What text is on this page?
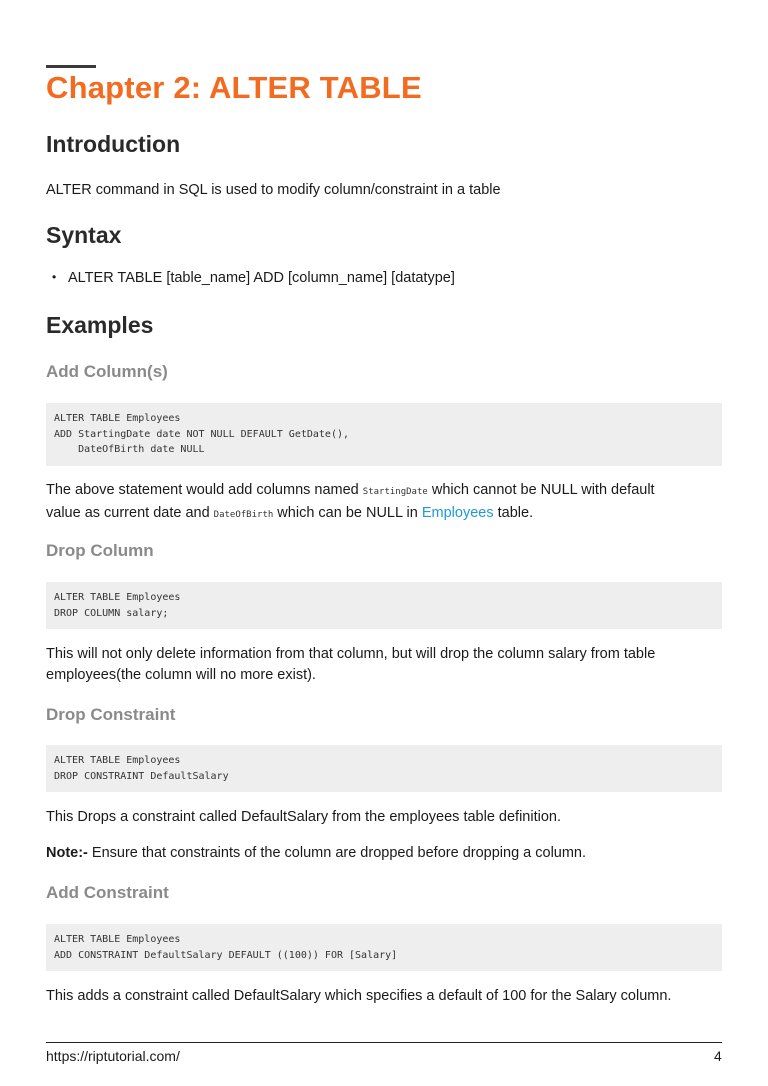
Chapter 2: ALTER TABLE
Introduction

ALTER command in SQL is used to modify column/constraint in a table

Syntax
• ALTER TABLE [table_name] ADD [column_name] [datatype]
Examples
Add Column(s)
ALTER TABLE Employees
ADD StartingDate date NOT NULL DEFAULT GetDate(),
DateOfBirth date NULL

The above statement would add columns named StartingDate which cannot be NULL with default
value as current date and DateOfBirth which can be NULL in Employees table.

Drop Column
ALTER TABLE Employees
DROP COLUMN salary;

This will not only delete information from that column, but will drop the column salary from table
employees(the column will no more exist).

Drop Constraint
ALTER TABLE Employees
DROP CONSTRAINT DefaultSalary

This Drops a constraint called DefaultSalary from the employees table definition.

Note:- Ensure that constraints of the column are dropped before dropping a column.

Add Constraint
ALTER TABLE Employees
ADD CONSTRAINT DefaultSalary DEFAULT ((100)) FOR [Salary]

This adds a constraint called DefaultSalary which specifies a default of 100 for the Salary column.

https://riptutorial.com/	4
